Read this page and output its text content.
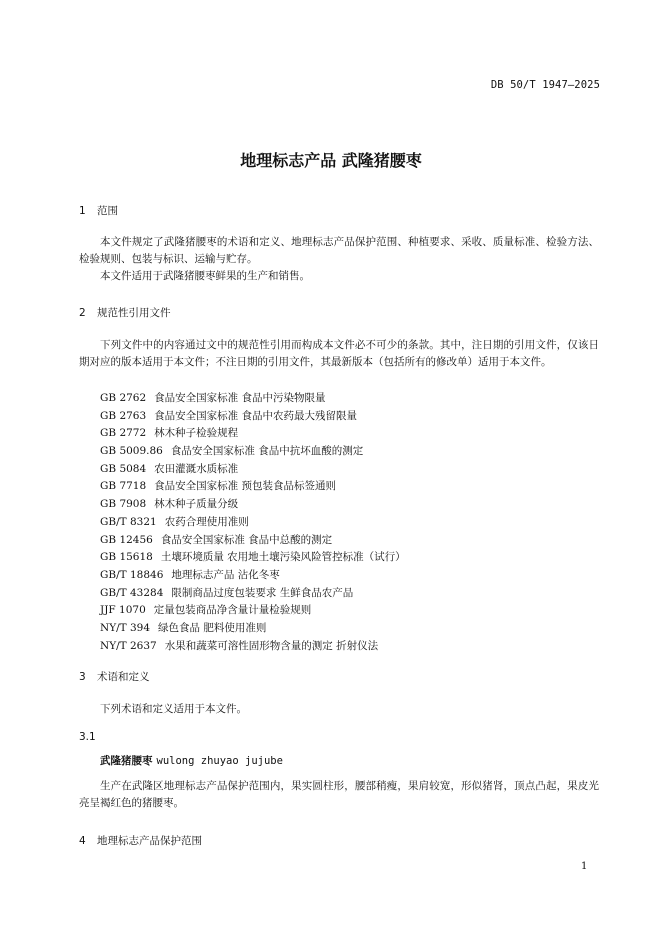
DB 50/T 1947—2025
地理标志产品 武隆猪腰枣
1 范围

本文件规定了武隆猪腰枣的术语和定义、地理标志产品保护范围、种植要求、采收、质量标准、检验方法、检验规则、包装与标识、运输与贮存。

本文件适用于武隆猪腰枣鲜果的生产和销售。

2 规范性引用文件

下列文件中的内容通过文中的规范性引用而构成本文件必不可少的条款。其中，注日期的引用文件，仅该日期对应的版本适用于本文件；不注日期的引用文件，其最新版本（包括所有的修改单）适用于本文件。

GB 2762 食品安全国家标准 食品中污染物限量
GB 2763 食品安全国家标准 食品中农药最大残留限量
GB 2772 林木种子检验规程
GB 5009.86 食品安全国家标准 食品中抗坏血酸的测定
GB 5084 农田灌溉水质标准
GB 7718 食品安全国家标准 预包装食品标签通则
GB 7908 林木种子质量分级
GB/T 8321 农药合理使用准则
GB 12456 食品安全国家标准 食品中总酸的测定
GB 15618 土壤环境质量 农用地土壤污染风险管控标准（试行）
GB/T 18846 地理标志产品 沾化冬枣
GB/T 43284 限制商品过度包装要求 生鲜食品农产品
JJF 1070 定量包装商品净含量计量检验规则
NY/T 394 绿色食品 肥料使用准则
NY/T 2637 水果和蔬菜可溶性固形物含量的测定 折射仪法
3 术语和定义

下列术语和定义适用于本文件。

3.1
武隆猪腰枣 wulong zhuyao jujube

生产在武隆区地理标志产品保护范围内，果实圆柱形，腰部稍瘦，果肩较宽，形似猪肾，顶点凸起，果皮光亮呈褐红色的猪腰枣。

4 地理标志产品保护范围
1
